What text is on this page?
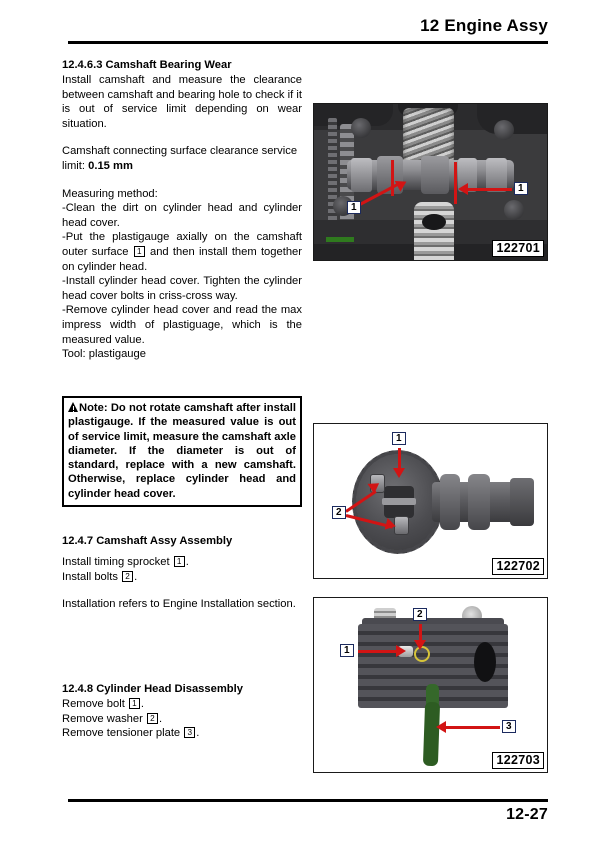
12 Engine Assy
12.4.6.3 Camshaft Bearing Wear
Install camshaft and measure the clearance between camshaft and bearing hole to check if it is out of service limit depending on wear situation.
Camshaft connecting surface clearance service limit: 0.15 mm
Measuring method:
-Clean the dirt on cylinder head and cylinder head cover.
-Put the plastigauge axially on the camshaft outer surface 1 and then install them together on cylinder head.
-Install cylinder head cover. Tighten the cylinder head cover bolts in criss-cross way.
-Remove cylinder head cover and read the max impress width of plastiguage, which is the measured value.
Tool: plastigauge
Note: Do not rotate camshaft after install plastigauge. If the measured value is out of service limit, measure the camshaft axle diameter. If the diameter is out of standard, replace with a new camshaft. Otherwise, replace cylinder head and cylinder head cover.
12.4.7 Camshaft Assy Assembly
Install timing sprocket 1 .
Install bolts 2 .
Installation refers to Engine Installation section.
12.4.8 Cylinder Head Disassembly
Remove bolt 1 .
Remove washer 2 .
Remove tensioner plate 3 .
1
1
122701
1
2
122702
1
2
3
122703
12-27
